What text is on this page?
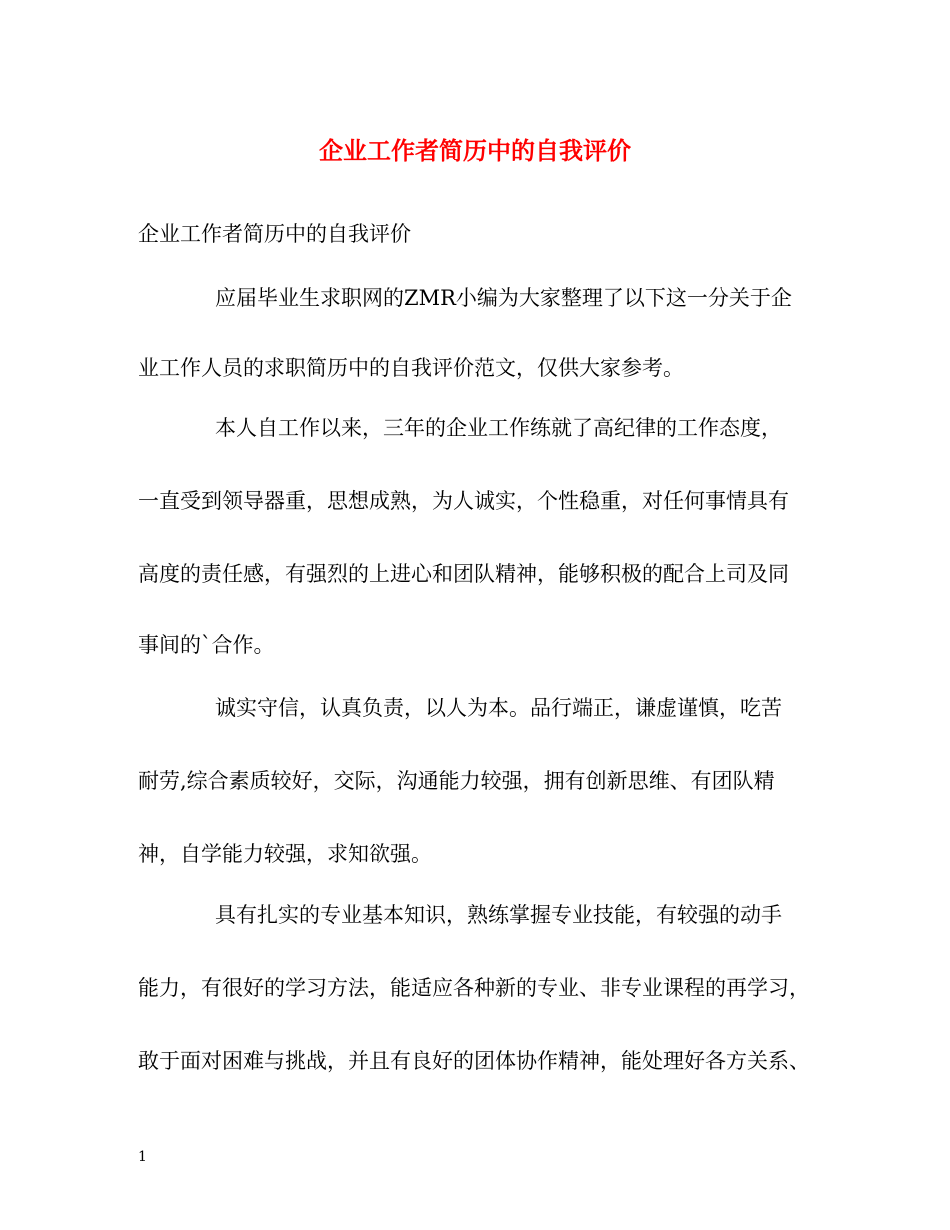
企业工作者简历中的自我评价
企业工作者简历中的自我评价
应届毕业生求职网的ZMR小编为大家整理了以下这一分关于企
业工作人员的求职简历中的自我评价范文，仅供大家参考。
本人自工作以来，三年的企业工作练就了高纪律的工作态度，
一直受到领导器重，思想成熟，为人诚实，个性稳重，对任何事情具有
高度的责任感，有强烈的上进心和团队精神，能够积极的配合上司及同
事间的`合作。
诚实守信，认真负责，以人为本。品行端正，谦虚谨慎，吃苦
耐劳,综合素质较好，交际，沟通能力较强，拥有创新思维、有团队精
神，自学能力较强，求知欲强。
具有扎实的专业基本知识，熟练掌握专业技能，有较强的动手
能力，有很好的学习方法，能适应各种新的专业、非专业课程的再学习，
敢于面对困难与挑战，并且有良好的团体协作精神，能处理好各方关系、
1
